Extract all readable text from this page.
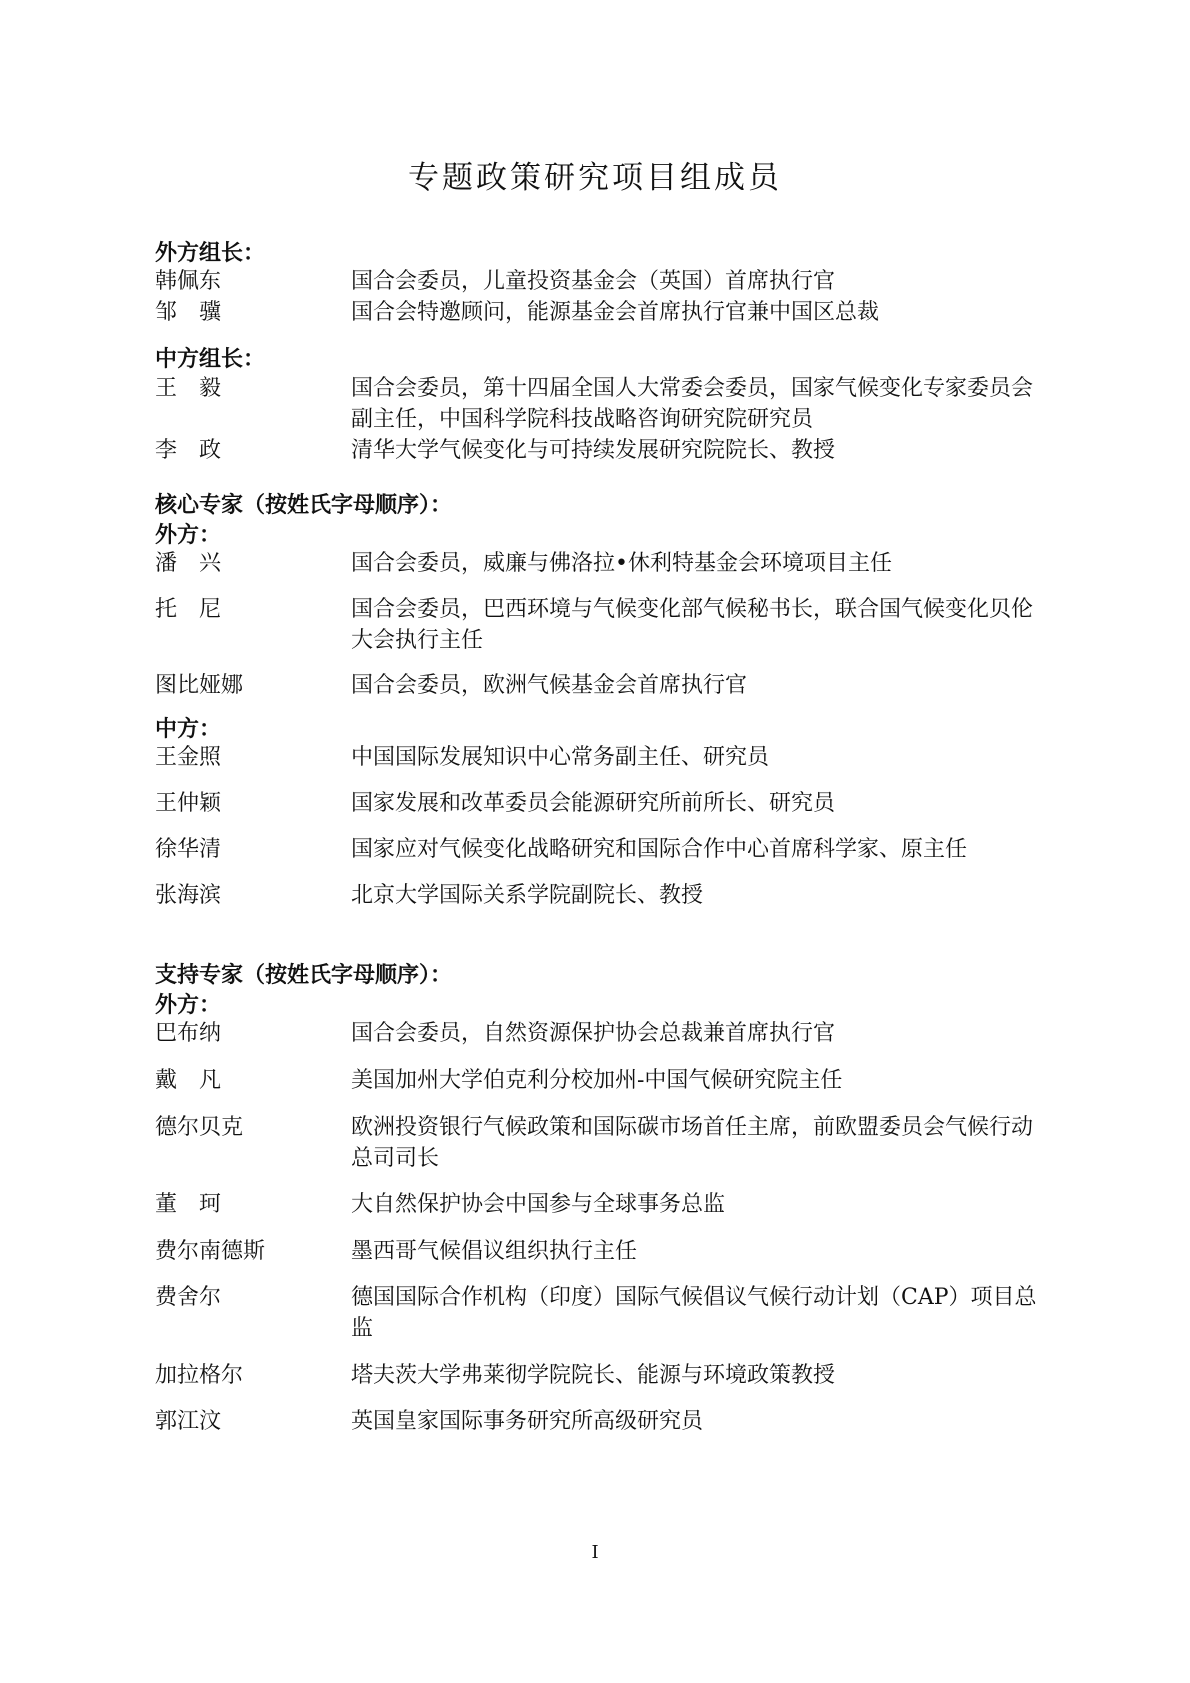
专题政策研究项目组成员
外方组长：
韩佩东	国合会委员，儿童投资基金会（英国）首席执行官
邹　骥	国合会特邀顾问，能源基金会首席执行官兼中国区总裁
中方组长：
王　毅	国合会委员，第十四届全国人大常委会委员，国家气候变化专家委员会副主任，中国科学院科技战略咨询研究院研究员
李　政	清华大学气候变化与可持续发展研究院院长、教授
核心专家（按姓氏字母顺序）：
外方：
潘　兴	国合会委员，威廉与佛洛拉•休利特基金会环境项目主任
托　尼	国合会委员，巴西环境与气候变化部气候秘书长，联合国气候变化贝伦大会执行主任
图比娅娜	国合会委员，欧洲气候基金会首席执行官
中方：
王金照	中国国际发展知识中心常务副主任、研究员
王仲颖	国家发展和改革委员会能源研究所前所长、研究员
徐华清	国家应对气候变化战略研究和国际合作中心首席科学家、原主任
张海滨	北京大学国际关系学院副院长、教授
支持专家（按姓氏字母顺序）：
外方：
巴布纳	国合会委员，自然资源保护协会总裁兼首席执行官
戴　凡	美国加州大学伯克利分校加州-中国气候研究院主任
德尔贝克	欧洲投资银行气候政策和国际碳市场首任主席，前欧盟委员会气候行动总司司长
董　珂	大自然保护协会中国参与全球事务总监
费尔南德斯	墨西哥气候倡议组织执行主任
费舍尔	德国国际合作机构（印度）国际气候倡议气候行动计划（CAP）项目总监
加拉格尔	塔夫茨大学弗莱彻学院院长、能源与环境政策教授
郭江汶	英国皇家国际事务研究所高级研究员
I
